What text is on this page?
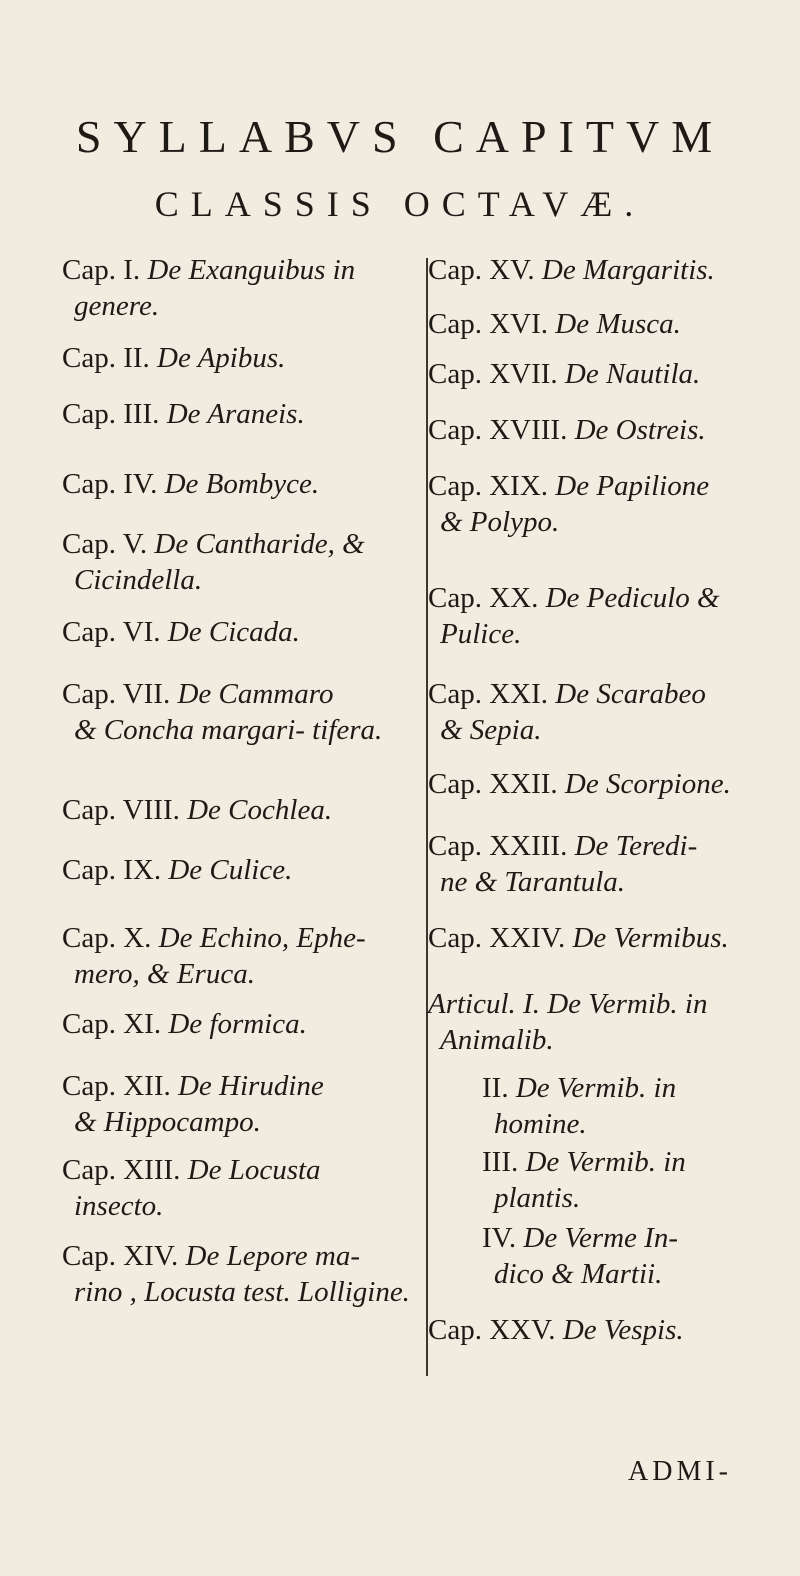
SYLLABVS CAPITVM
CLASSIS OCTAVÆ.
Cap. I. De Exanguibus in
genere.
Cap. II. De Apibus.
Cap. III. De Araneis.
Cap. IV. De Bombyce.
Cap. V. De Cantharide, &
Cicindella.
Cap. VI. De Cicada.
Cap. VII. De Cammaro
& Concha margari- tifera.
Cap. VIII. De Cochlea.
Cap. IX. De Culice.
Cap. X. De Echino, Ephe-
mero, & Eruca.
Cap. XI. De formica.
Cap. XII. De Hirudine
& Hippocampo.
Cap. XIII. De Locusta
insecto.
Cap. XIV. De Lepore ma-
rino , Locusta test. Lolligine.
Cap. XV. De Margaritis.
Cap. XVI. De Musca.
Cap. XVII. De Nautila.
Cap. XVIII. De Ostreis.
Cap. XIX. De Papilione
& Polypo.
Cap. XX. De Pediculo &
Pulice.
Cap. XXI. De Scarabeo
& Sepia.
Cap. XXII. De Scorpione.
Cap. XXIII. De Teredi-
ne & Tarantula.
Cap. XXIV. De Vermibus.
Articul. I. De Vermib. in
Animalib.
II. De Vermib. in
homine.
III. De Vermib. in
plantis.
IV. De Verme In-
dico & Martii.
Cap. XXV. De Vespis.
ADMI-
